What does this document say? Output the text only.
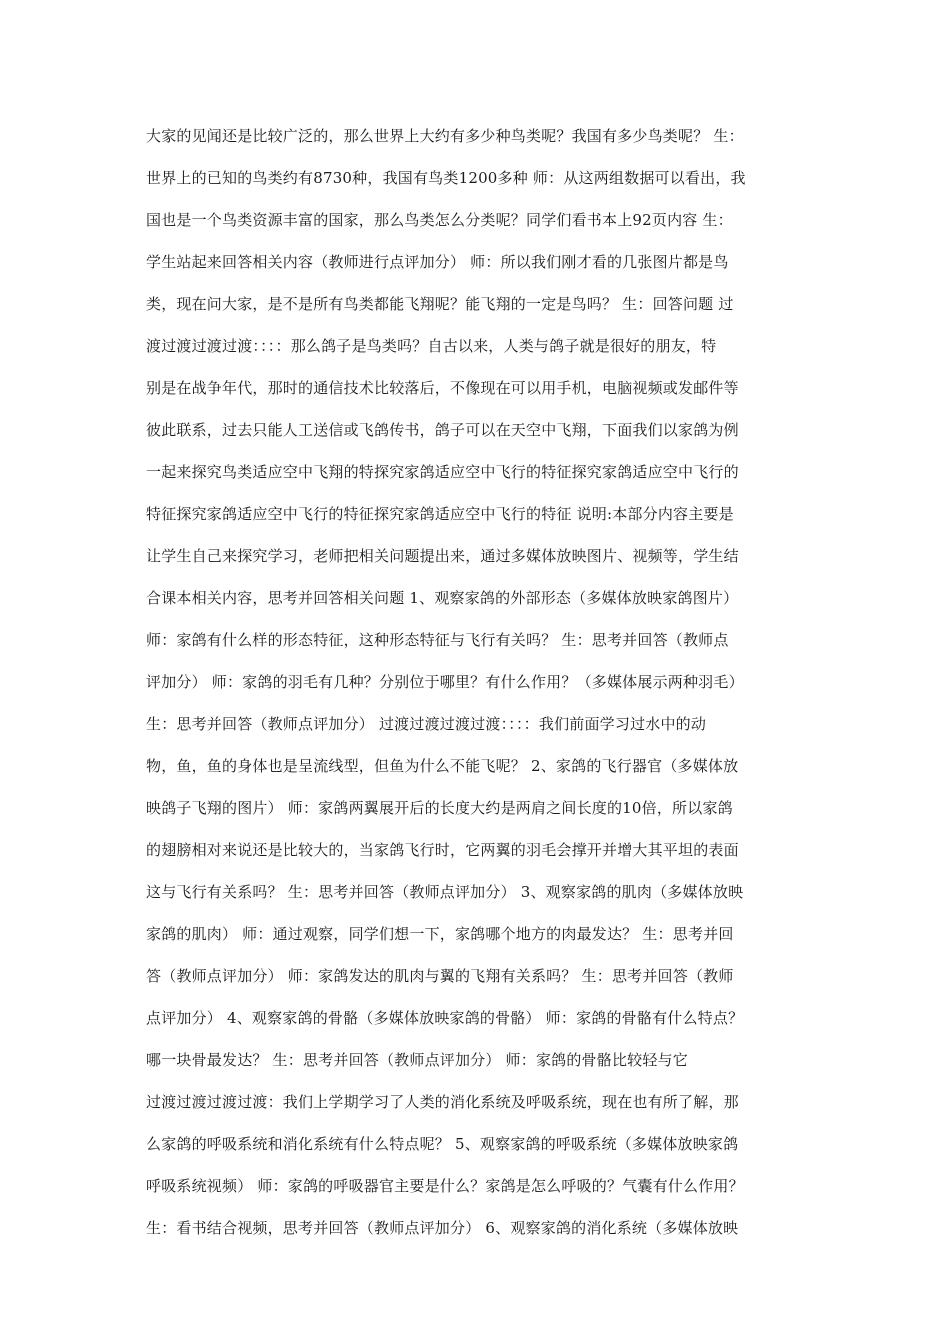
大家的见闻还是比较广泛的，那么世界上大约有多少种鸟类呢？我国有多少鸟类呢？ 生：
世界上的已知的鸟类约有8730种，我国有鸟类1200多种 师：从这两组数据可以看出，我
国也是一个鸟类资源丰富的国家，那么鸟类怎么分类呢？同学们看书本上92页内容 生：
学生站起来回答相关内容（教师进行点评加分） 师：所以我们刚才看的几张图片都是鸟
类，现在问大家，是不是所有鸟类都能飞翔呢？能飞翔的一定是鸟吗？ 生：回答问题 过
渡过渡过渡过渡：：：：那么鸽子是鸟类吗？自古以来，人类与鸽子就是很好的朋友，特
别是在战争年代，那时的通信技术比较落后，不像现在可以用手机，电脑视频或发邮件等
彼此联系，过去只能人工送信或飞鸽传书，鸽子可以在天空中飞翔，下面我们以家鸽为例
一起来探究鸟类适应空中飞翔的特探究家鸽适应空中飞行的特征探究家鸽适应空中飞行的
特征探究家鸽适应空中飞行的特征探究家鸽适应空中飞行的特征 说明:本部分内容主要是
让学生自己来探究学习，老师把相关问题提出来，通过多媒体放映图片、视频等，学生结
合课本相关内容，思考并回答相关问题 1、观察家鸽的外部形态（多媒体放映家鸽图片）
师：家鸽有什么样的形态特征，这种形态特征与飞行有关吗？ 生：思考并回答（教师点
评加分） 师：家鸽的羽毛有几种？分别位于哪里？有什么作用？（多媒体展示两种羽毛）
生：思考并回答（教师点评加分） 过渡过渡过渡过渡：：：：我们前面学习过水中的动
物，鱼，鱼的身体也是呈流线型，但鱼为什么不能飞呢？ 2、家鸽的飞行器官（多媒体放
映鸽子飞翔的图片） 师：家鸽两翼展开后的长度大约是两肩之间长度的10倍，所以家鸽
的翅膀相对来说还是比较大的，当家鸽飞行时，它两翼的羽毛会撑开并增大其平坦的表面
这与飞行有关系吗？ 生：思考并回答（教师点评加分） 3、观察家鸽的肌肉（多媒体放映
家鸽的肌肉） 师：通过观察，同学们想一下，家鸽哪个地方的肉最发达？ 生：思考并回
答（教师点评加分） 师：家鸽发达的肌肉与翼的飞翔有关系吗？ 生：思考并回答（教师
点评加分） 4、观察家鸽的骨骼（多媒体放映家鸽的骨骼） 师：家鸽的骨骼有什么特点？
哪一块骨最发达？ 生：思考并回答（教师点评加分） 师：家鸽的骨骼比较轻与它
过渡过渡过渡过渡：我们上学期学习了人类的消化系统及呼吸系统，现在也有所了解，那
么家鸽的呼吸系统和消化系统有什么特点呢？ 5、观察家鸽的呼吸系统（多媒体放映家鸽
呼吸系统视频） 师：家鸽的呼吸器官主要是什么？家鸽是怎么呼吸的？气囊有什么作用？
生：看书结合视频，思考并回答（教师点评加分） 6、观察家鸽的消化系统（多媒体放映
